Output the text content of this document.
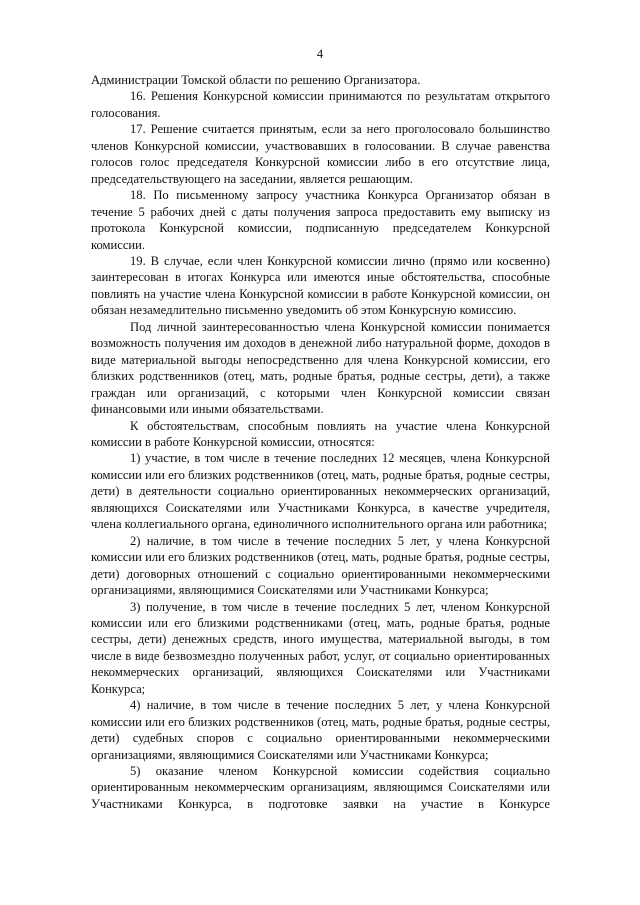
4

Администрации Томской области по решению Организатора.

16. Решения Конкурсной комиссии принимаются по результатам открытого голосования.

17. Решение считается принятым, если за него проголосовало большинство членов Конкурсной комиссии, участвовавших в голосовании. В случае равенства голосов голос председателя Конкурсной комиссии либо в его отсутствие лица, председательствующего на заседании, является решающим.

18. По письменному запросу участника Конкурса Организатор обязан в течение 5 рабочих дней с даты получения запроса предоставить ему выписку из протокола Конкурсной комиссии, подписанную председателем Конкурсной комиссии.

19. В случае, если член Конкурсной комиссии лично (прямо или косвенно) заинтересован в итогах Конкурса или имеются иные обстоятельства, способные повлиять на участие члена Конкурсной комиссии в работе Конкурсной комиссии, он обязан незамедлительно письменно уведомить об этом Конкурсную комиссию.

Под личной заинтересованностью члена Конкурсной комиссии понимается возможность получения им доходов в денежной либо натуральной форме, доходов в виде материальной выгоды непосредственно для члена Конкурсной комиссии, его близких родственников (отец, мать, родные братья, родные сестры, дети), а также граждан или организаций, с которыми член Конкурсной комиссии связан финансовыми или иными обязательствами.

К обстоятельствам, способным повлиять на участие члена Конкурсной комиссии в работе Конкурсной комиссии, относятся:

1) участие, в том числе в течение последних 12 месяцев, члена Конкурсной комиссии или его близких родственников (отец, мать, родные братья, родные сестры, дети) в деятельности социально ориентированных некоммерческих организаций, являющихся Соискателями или Участниками Конкурса, в качестве учредителя, члена коллегиального органа, единоличного исполнительного органа или работника;

2) наличие, в том числе в течение последних 5 лет, у члена Конкурсной комиссии или его близких родственников (отец, мать, родные братья, родные сестры, дети) договорных отношений с социально ориентированными некоммерческими организациями, являющимися Соискателями или Участниками Конкурса;

3) получение, в том числе в течение последних 5 лет, членом Конкурсной комиссии или его близкими родственниками (отец, мать, родные братья, родные сестры, дети) денежных средств, иного имущества, материальной выгоды, в том числе в виде безвозмездно полученных работ, услуг, от социально ориентированных некоммерческих организаций, являющихся Соискателями или Участниками Конкурса;

4) наличие, в том числе в течение последних 5 лет, у члена Конкурсной комиссии или его близких родственников (отец, мать, родные братья, родные сестры, дети) судебных споров с социально ориентированными некоммерческими организациями, являющимися Соискателями или Участниками Конкурса;

5) оказание членом Конкурсной комиссии содействия социально ориентированным некоммерческим организациям, являющимся Соискателями или Участниками Конкурса, в подготовке заявки на участие в Конкурсе
